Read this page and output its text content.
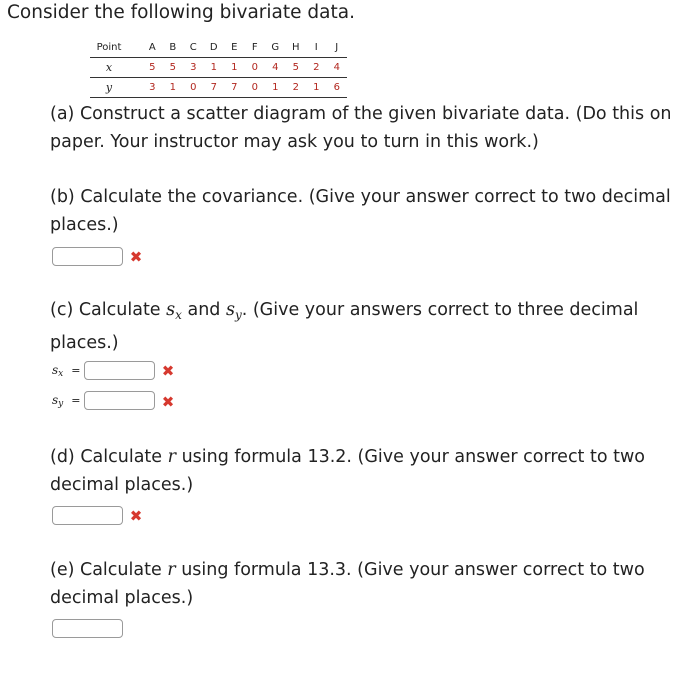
Consider the following bivariate data.
Point	A	B	C	D	E	F	G	H	I	J
x	5	5	3	1	1	0	4	5	2	4
y	3	1	0	7	7	0	1	2	1	6
(a) Construct a scatter diagram of the given bivariate data. (Do this on paper. Your instructor may ask you to turn in this work.)
(b) Calculate the covariance. (Give your answer correct to two decimal places.)
✖
(c) Calculate $s_x$ and $s_y$. (Give your answers correct to three decimal places.)
sx =	✖
sy =	✖
(d) Calculate r using formula 13.2. (Give your answer correct to two decimal places.)
✖
(e) Calculate r using formula 13.3. (Give your answer correct to two decimal places.)
